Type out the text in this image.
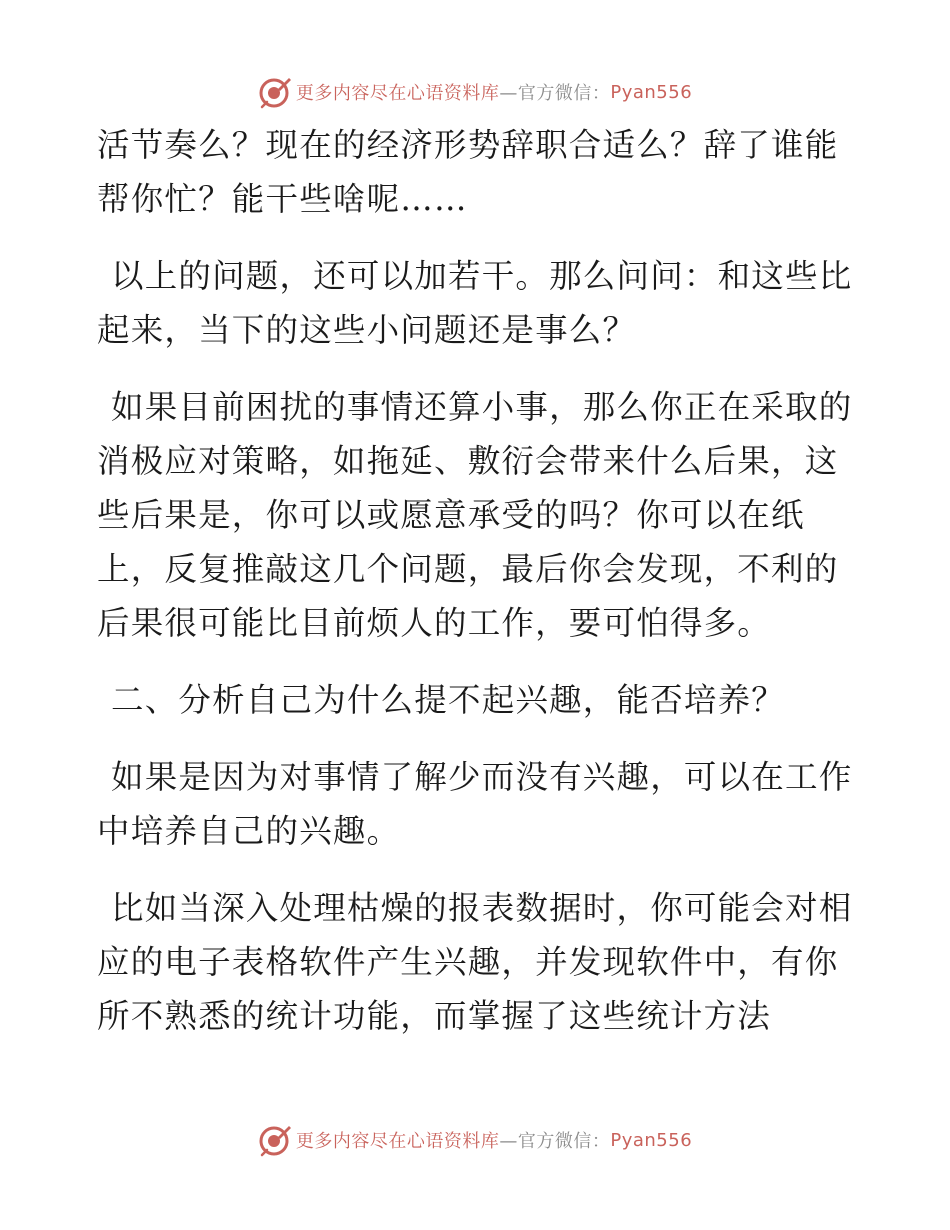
更多内容尽在心语资料库 —官方微信： Pyan556

活节奏么？现在的经济形势辞职合适么？辞了谁能帮你忙？能干些啥呢……

以上的问题，还可以加若干。那么问问：和这些比起来，当下的这些小问题还是事么？

如果目前困扰的事情还算小事，那么你正在采取的消极应对策略，如拖延、敷衍会带来什么后果，这些后果是，你可以或愿意承受的吗？你可以在纸上，反复推敲这几个问题，最后你会发现，不利的后果很可能比目前烦人的工作，要可怕得多。

二、分析自己为什么提不起兴趣，能否培养？

如果是因为对事情了解少而没有兴趣，可以在工作中培养自己的兴趣。

比如当深入处理枯燥的报表数据时，你可能会对相应的电子表格软件产生兴趣，并发现软件中，有你所不熟悉的统计功能，而掌握了这些统计方法

更多内容尽在心语资料库 —官方微信： Pyan556
